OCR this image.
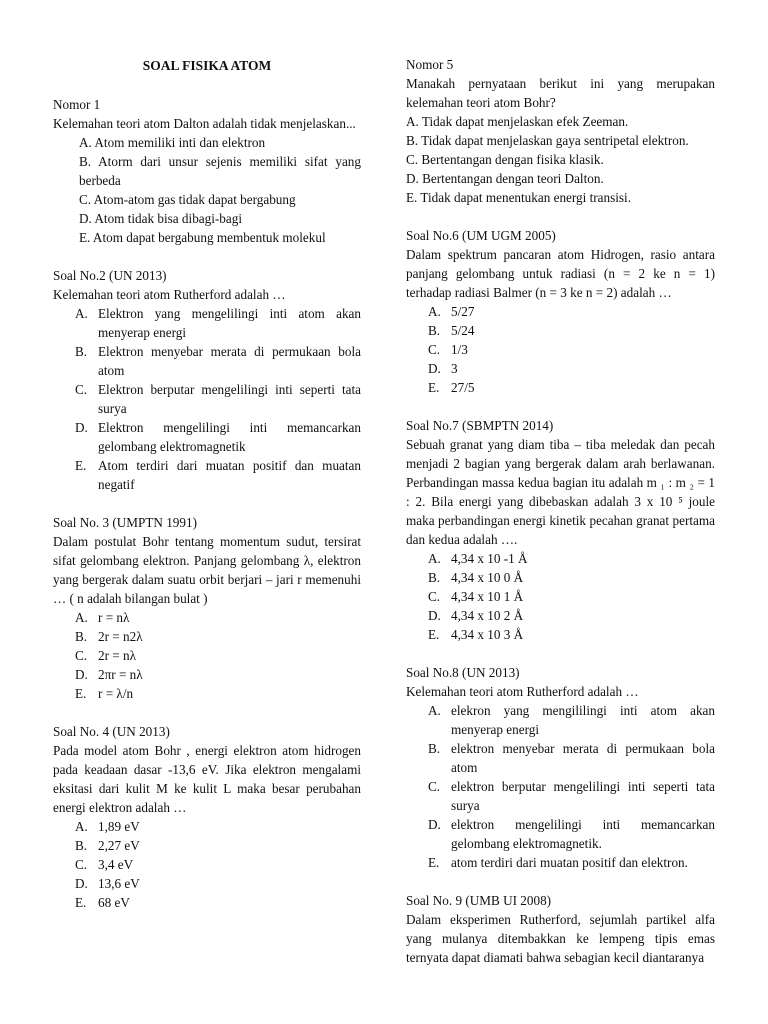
SOAL FISIKA ATOM

Nomor 1

Kelemahan teori atom Dalton adalah tidak menjelaskan...

A. Atom memiliki inti dan elektron
B. Atorm dari unsur sejenis memiliki sifat yang berbeda
C. Atom-atom gas tidak dapat bergabung
D. Atom tidak bisa dibagi-bagi
E. Atom dapat bergabung membentuk molekul

Soal No.2 (UN 2013)

Kelemahan teori atom Rutherford adalah …

A. Elektron yang mengelilingi inti atom akan menyerap energi
B. Elektron menyebar merata di permukaan bola atom
C. Elektron berputar mengelilingi inti seperti tata surya
D. Elektron mengelilingi inti memancarkan gelombang elektromagnetik
E. Atom terdiri dari muatan positif dan muatan negatif

Soal No. 3 (UMPTN 1991)

Dalam postulat Bohr tentang momentum sudut, tersirat sifat gelombang elektron. Panjang gelombang λ, elektron yang bergerak dalam suatu orbit berjari – jari r memenuhi … ( n adalah bilangan bulat )

A. r = nλ
B. 2r = n2λ
C. 2r = nλ
D. 2πr = nλ
E. r = λ/n

Soal No. 4 (UN 2013)

Pada model atom Bohr , energi elektron atom hidrogen pada keadaan dasar -13,6 eV. Jika elektron mengalami eksitasi dari kulit M ke kulit L maka besar perubahan energi elektron adalah …

A. 1,89 eV
B. 2,27 eV
C. 3,4 eV
D. 13,6 eV
E. 68 eV

Nomor 5

Manakah pernyataan berikut ini yang merupakan kelemahan teori atom Bohr?

A. Tidak dapat menjelaskan efek Zeeman.
B. Tidak dapat menjelaskan gaya sentripetal elektron.
C. Bertentangan dengan fisika klasik.
D. Bertentangan dengan teori Dalton.
E. Tidak dapat menentukan energi transisi.

Soal No.6 (UM UGM 2005)

Dalam spektrum pancaran atom Hidrogen, rasio antara panjang gelombang untuk radiasi (n = 2 ke n = 1) terhadap radiasi Balmer (n = 3 ke n = 2) adalah …

A. 5/27
B. 5/24
C. 1/3
D. 3
E. 27/5

Soal No.7 (SBMPTN 2014)

Sebuah granat yang diam tiba – tiba meledak dan pecah menjadi 2 bagian yang bergerak dalam arah berlawanan. Perbandingan massa kedua bagian itu adalah m ₁ : m ₂ = 1 : 2. Bila energi yang dibebaskan adalah 3 x 10 ⁵ joule maka perbandingan energi kinetik pecahan granat pertama dan kedua adalah ….

A. 4,34 x 10 -1 Å
B. 4,34 x 10 0 Å
C. 4,34 x 10 1 Å
D. 4,34 x 10 2 Å
E. 4,34 x 10 3 Å

Soal No.8 (UN 2013)

Kelemahan teori atom Rutherford adalah …

A. elekron yang mengililingi inti atom akan menyerap energi
B. elektron menyebar merata di permukaan bola atom
C. elektron berputar mengelilingi inti seperti tata surya
D. elektron mengelilingi inti memancarkan gelombang elektromagnetik.
E. atom terdiri dari muatan positif dan elektron.

Soal No. 9 (UMB UI 2008)

Dalam eksperimen Rutherford, sejumlah partikel alfa yang mulanya ditembakkan ke lempeng tipis emas ternyata dapat diamati bahwa sebagian kecil diantaranya
